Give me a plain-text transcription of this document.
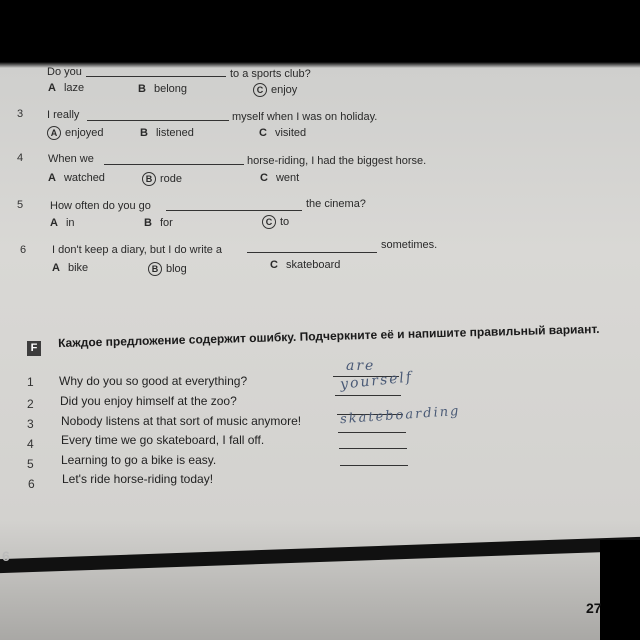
Do you	to a sports club?
A laze	B belong	C enjoy
3 I really	myself when I was on holiday.
A enjoyed	B listened	C visited
4 When we	horse-riding, I had the biggest horse.
A watched	B rode	C went
5 How often do you go	the cinema?
A in	B for	C to
6 I don't keep a diary, but I do write a	sometimes.
A bike	B blog	C skateboard
F	Каждое предложение содержит ошибку. Подчеркните её и напишите правильный вариант.
1 Why do you so good at everything?
are
2 Did you enjoy himself at the zoo?
yourself
3 Nobody listens at that sort of music anymore!
4 Every time we go skateboard, I fall off.
skateboarding
5 Learning to go a bike is easy.
6 Let's ride horse-riding today!
6
27
